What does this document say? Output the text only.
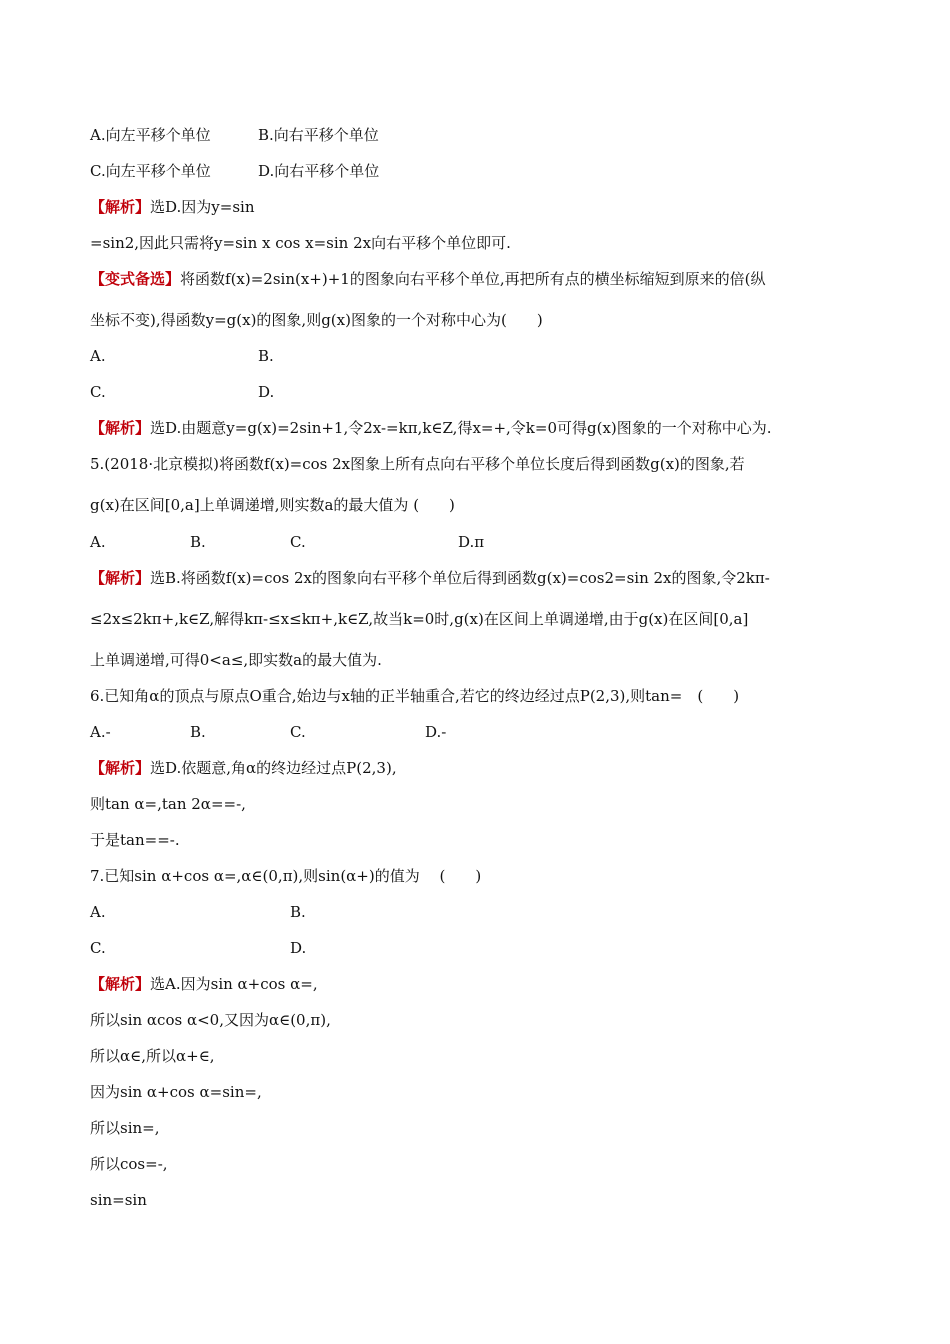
A.向左平移个单位	B.向右平移个单位
C.向左平移个单位	D.向右平移个单位
【解析】选D.因为y=sin
=sin2,因此只需将y=sin x cos x=sin 2x向右平移个单位即可.
【变式备选】将函数f(x)=2sin(x+)+1的图象向右平移个单位,再把所有点的横坐标缩短到原来的倍(纵
坐标不变),得函数y=g(x)的图象,则g(x)图象的一个对称中心为(　　)
A.	B.
C.	D.
【解析】选D.由题意y=g(x)=2sin+1,令2x-=kπ,k∈Z,得x=+,令k=0可得g(x)图象的一个对称中心为.
5.(2018·北京模拟)将函数f(x)=cos 2x图象上所有点向右平移个单位长度后得到函数g(x)的图象,若
g(x)在区间[0,a]上单调递增,则实数a的最大值为 (　　)
A.	B.	C.	D.π
【解析】选B.将函数f(x)=cos 2x的图象向右平移个单位后得到函数g(x)=cos2=sin 2x的图象,令2kπ-
≤2x≤2kπ+,k∈Z,解得kπ-≤x≤kπ+,k∈Z,故当k=0时,g(x)在区间上单调递增,由于g(x)在区间[0,a]
上单调递增,可得0<a≤,即实数a的最大值为.
6.已知角α的顶点与原点O重合,始边与x轴的正半轴重合,若它的终边经过点P(2,3),则tan=　(　　)
A.-	B.	C.	D.-
【解析】选D.依题意,角α的终边经过点P(2,3),
则tan α=,tan 2α==-,
于是tan==-.
7.已知sin α+cos α=,α∈(0,π),则sin(α+)的值为　 (　　)
A.	B.
C.	D.
【解析】选A.因为sin α+cos α=,
所以sin αcos α<0,又因为α∈(0,π),
所以α∈,所以α+∈,
因为sin α+cos α=sin=,
所以sin=,
所以cos=-,
sin=sin
